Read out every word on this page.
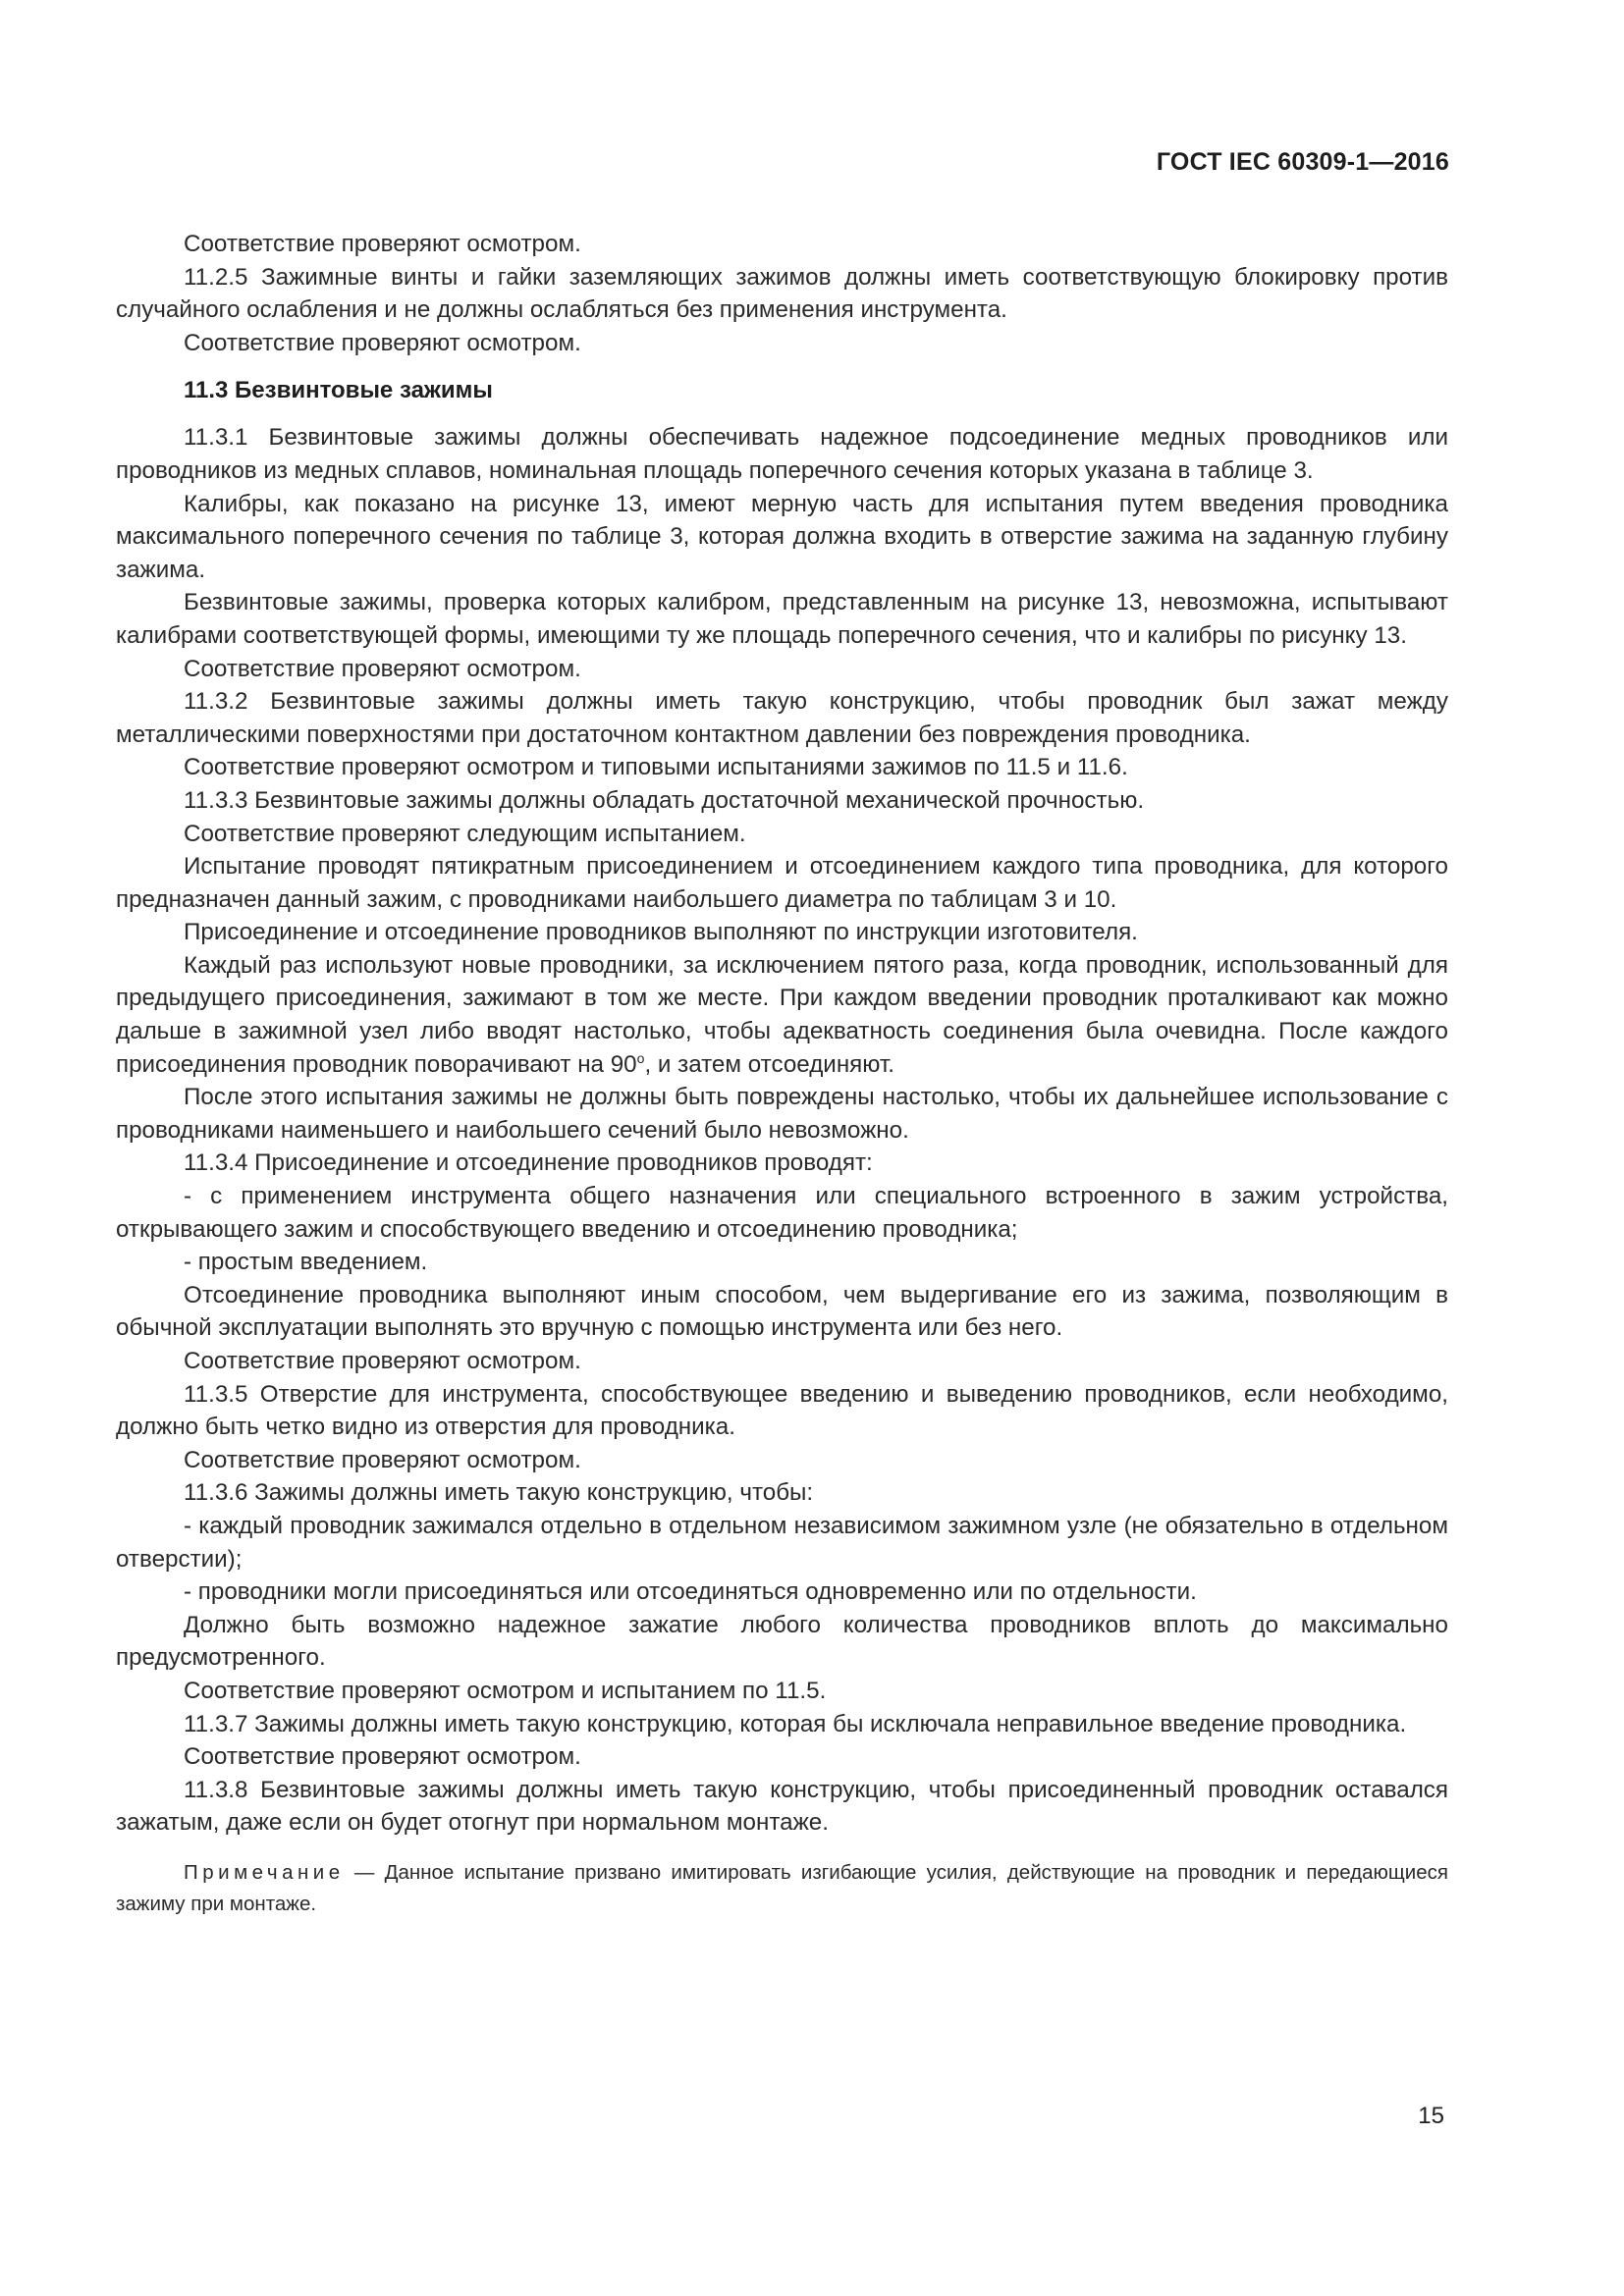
ГОСТ IEC 60309-1—2016

Соответствие проверяют осмотром.

11.2.5 Зажимные винты и гайки заземляющих зажимов должны иметь соответствующую блокировку против случайного ослабления и не должны ослабляться без применения инструмента.

Соответствие проверяют осмотром.

11.3 Безвинтовые зажимы

11.3.1 Безвинтовые зажимы должны обеспечивать надежное подсоединение медных проводников или проводников из медных сплавов, номинальная площадь поперечного сечения которых указана в таблице 3.

Калибры, как показано на рисунке 13, имеют мерную часть для испытания путем введения проводника максимального поперечного сечения по таблице 3, которая должна входить в отверстие зажима на заданную глубину зажима.

Безвинтовые зажимы, проверка которых калибром, представленным на рисунке 13, невозможна, испытывают калибрами соответствующей формы, имеющими ту же площадь поперечного сечения, что и калибры по рисунку 13.

Соответствие проверяют осмотром.

11.3.2 Безвинтовые зажимы должны иметь такую конструкцию, чтобы проводник был зажат между металлическими поверхностями при достаточном контактном давлении без повреждения проводника.

Соответствие проверяют осмотром и типовыми испытаниями зажимов по 11.5 и 11.6.

11.3.3 Безвинтовые зажимы должны обладать достаточной механической прочностью.

Соответствие проверяют следующим испытанием.

Испытание проводят пятикратным присоединением и отсоединением каждого типа проводника, для которого предназначен данный зажим, с проводниками наибольшего диаметра по таблицам 3 и 10.

Присоединение и отсоединение проводников выполняют по инструкции изготовителя.

Каждый раз используют новые проводники, за исключением пятого раза, когда проводник, использованный для предыдущего присоединения, зажимают в том же месте. При каждом введении проводник проталкивают как можно дальше в зажимной узел либо вводят настолько, чтобы адекватность соединения была очевидна. После каждого присоединения проводник поворачивают на $90^о$, и затем отсоединяют.

После этого испытания зажимы не должны быть повреждены настолько, чтобы их дальнейшее использование с проводниками наименьшего и наибольшего сечений было невозможно.

11.3.4 Присоединение и отсоединение проводников проводят:

- с применением инструмента общего назначения или специального встроенного в зажим устройства, открывающего зажим и способствующего введению и отсоединению проводника;

- простым введением.

Отсоединение проводника выполняют иным способом, чем выдергивание его из зажима, позволяющим в обычной эксплуатации выполнять это вручную с помощью инструмента или без него.

Соответствие проверяют осмотром.

11.3.5 Отверстие для инструмента, способствующее введению и выведению проводников, если необходимо, должно быть четко видно из отверстия для проводника.

Соответствие проверяют осмотром.

11.3.6 Зажимы должны иметь такую конструкцию, чтобы:

- каждый проводник зажимался отдельно в отдельном независимом зажимном узле (не обязательно в отдельном отверстии);

- проводники могли присоединяться или отсоединяться одновременно или по отдельности.

Должно быть возможно надежное зажатие любого количества проводников вплоть до максимально предусмотренного.

Соответствие проверяют осмотром и испытанием по 11.5.

11.3.7 Зажимы должны иметь такую конструкцию, которая бы исключала неправильное введение проводника.

Соответствие проверяют осмотром.

11.3.8 Безвинтовые зажимы должны иметь такую конструкцию, чтобы присоединенный проводник оставался зажатым, даже если он будет отогнут при нормальном монтаже.

Примечание — Данное испытание призвано имитировать изгибающие усилия, действующие на проводник и передающиеся зажиму при монтаже.

15
